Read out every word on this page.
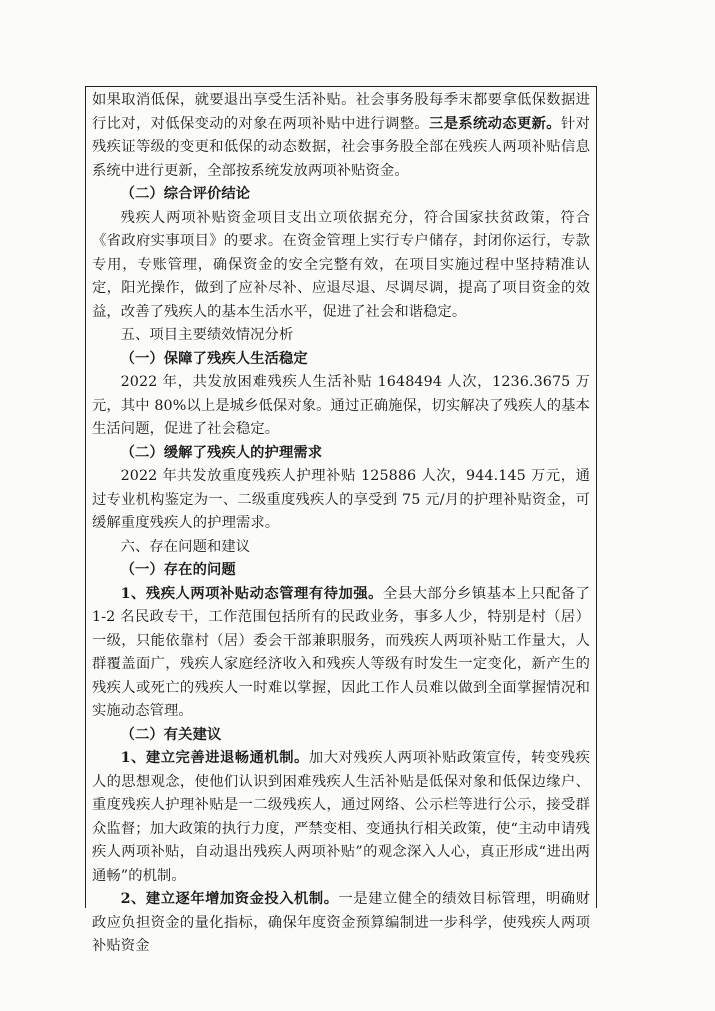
如果取消低保，就要退出享受生活补贴。社会事务股每季末都要拿低保数据进行比对，对低保变动的对象在两项补贴中进行调整。三是系统动态更新。针对残疾证等级的变更和低保的动态数据，社会事务股全部在残疾人两项补贴信息系统中进行更新，全部按系统发放两项补贴资金。

（二）综合评价结论

残疾人两项补贴资金项目支出立项依据充分，符合国家扶贫政策，符合《省政府实事项目》的要求。在资金管理上实行专户储存，封闭你运行，专款专用，专账管理，确保资金的安全完整有效，在项目实施过程中坚持精准认定，阳光操作，做到了应补尽补、应退尽退、尽调尽调，提高了项目资金的效益，改善了残疾人的基本生活水平，促进了社会和谐稳定。

五、项目主要绩效情况分析

（一）保障了残疾人生活稳定

2022 年，共发放困难残疾人生活补贴 1648494 人次，1236.3675 万元，其中 80%以上是城乡低保对象。通过正确施保，切实解决了残疾人的基本生活问题，促进了社会稳定。

（二）缓解了残疾人的护理需求

2022 年共发放重度残疾人护理补贴 125886 人次，944.145 万元，通过专业机构鉴定为一、二级重度残疾人的享受到 75 元/月的护理补贴资金，可缓解重度残疾人的护理需求。

六、存在问题和建议

（一）存在的问题

1、残疾人两项补贴动态管理有待加强。全县大部分乡镇基本上只配备了 1-2 名民政专干，工作范围包括所有的民政业务，事多人少，特别是村（居）一级，只能依靠村（居）委会干部兼职服务，而残疾人两项补贴工作量大，人群覆盖面广，残疾人家庭经济收入和残疾人等级有时发生一定变化，新产生的残疾人或死亡的残疾人一时难以掌握，因此工作人员难以做到全面掌握情况和实施动态管理。

（二）有关建议

1、建立完善进退畅通机制。加大对残疾人两项补贴政策宣传，转变残疾人的思想观念，使他们认识到困难残疾人生活补贴是低保对象和低保边缘户、重度残疾人护理补贴是一二级残疾人，通过网络、公示栏等进行公示，接受群众监督；加大政策的执行力度，严禁变相、变通执行相关政策，使“主动申请残疾人两项补贴，自动退出残疾人两项补贴”的观念深入人心，真正形成“进出两通畅”的机制。

2、建立逐年增加资金投入机制。一是建立健全的绩效目标管理，明确财政应负担资金的量化指标，确保年度资金预算编制进一步科学，使残疾人两项补贴资金
